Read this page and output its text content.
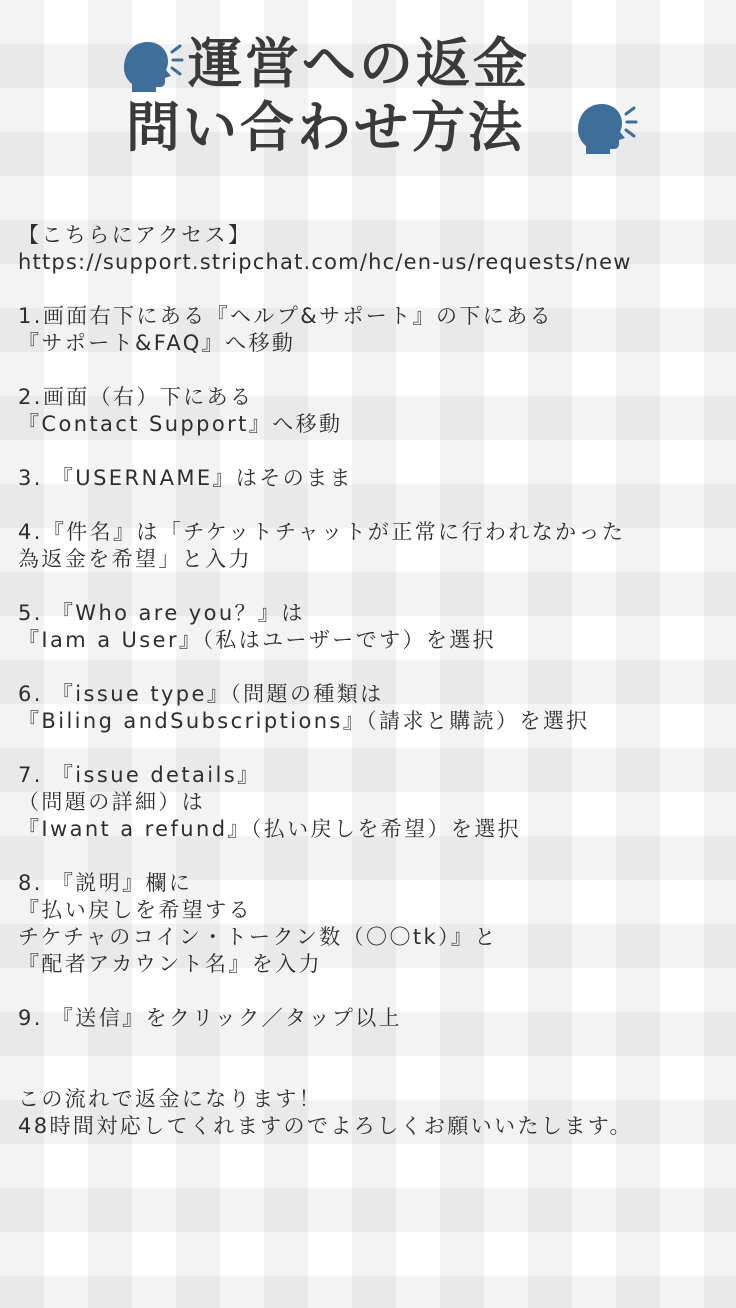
運営への返金
問い合わせ方法
【こちらにアクセス】
https://support.stripchat.com/hc/en-us/requests/new
1.画面右下にある『ヘルプ&サポート』の下にある
『サポート&FAQ』へ移動
2.画面（右）下にある
『Contact Support』へ移動
3. 『USERNAME』はそのまま
4.『件名』は「チケットチャットが正常に行われなかった
為返金を希望」と入力
5. 『Who are you？』は
『Iam a User』（私はユーザーです）を選択
6. 『issue type』（問題の種類は
『Biling andSubscriptions』（請求と購読）を選択
7. 『issue details』
（問題の詳細）は
『Iwant a refund』（払い戻しを希望）を選択
8. 『説明』欄に
『払い戻しを希望する
チケチャのコイン・トークン数（〇〇tk）』と
『配者アカウント名』を入力
9. 『送信』をクリック／タップ以上
この流れで返金になります！
48時間対応してくれますのでよろしくお願いいたします。
